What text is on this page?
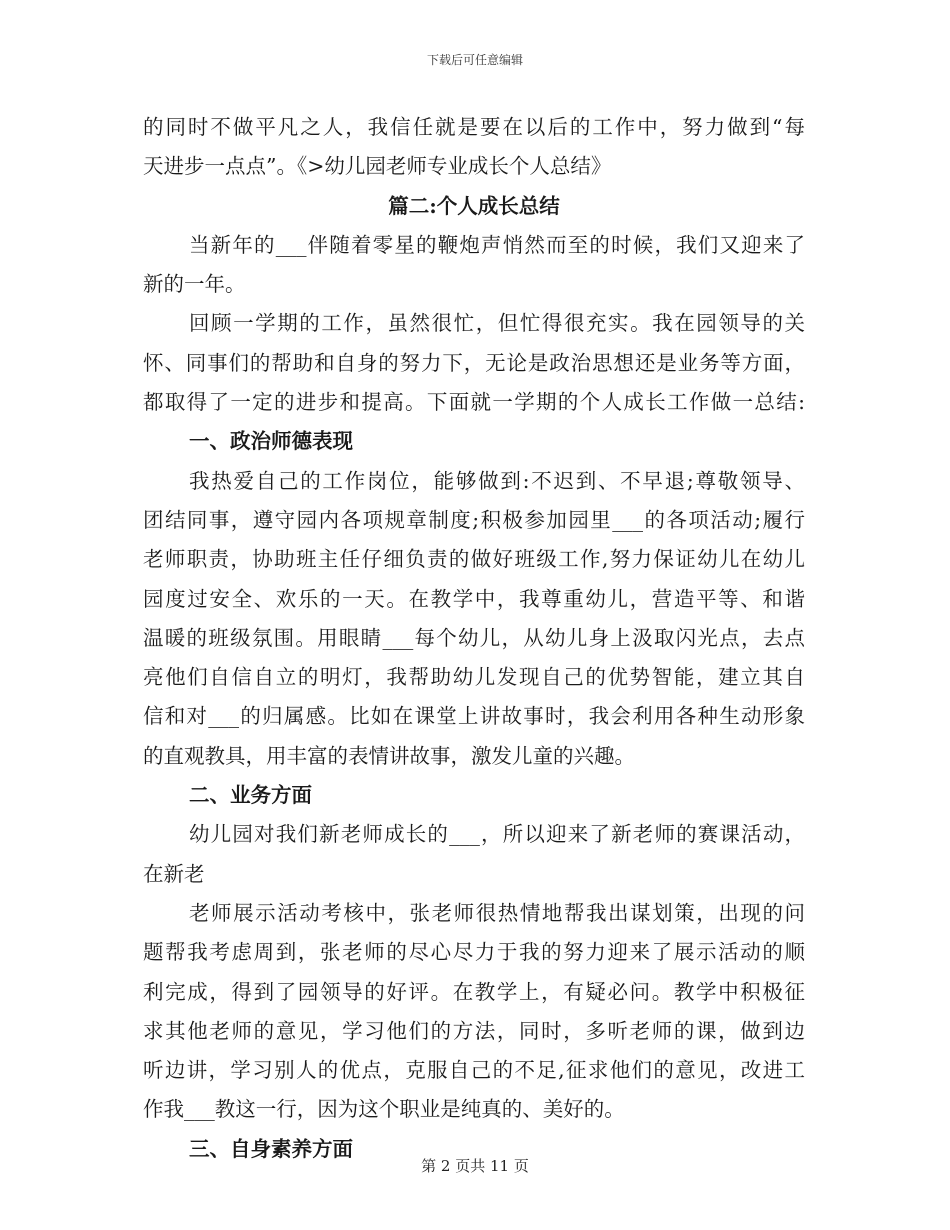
下载后可任意编辑
的同时不做平凡之人，我信任就是要在以后的工作中，努力做到“每
天进步一点点”。《>幼儿园老师专业成长个人总结》
篇二:个人成长总结
当新年的___伴随着零星的鞭炮声悄然而至的时候，我们又迎来了
新的一年。
回顾一学期的工作，虽然很忙，但忙得很充实。我在园领导的关
怀、同事们的帮助和自身的努力下，无论是政治思想还是业务等方面，
都取得了一定的进步和提高。下面就一学期的个人成长工作做一总结:
一、政治师德表现
我热爱自己的工作岗位，能够做到:不迟到、不早退;尊敬领导、
团结同事，遵守园内各项规章制度;积极参加园里___的各项活动;履行
老师职责，协助班主任仔细负责的做好班级工作,努力保证幼儿在幼儿
园度过安全、欢乐的一天。在教学中，我尊重幼儿，营造平等、和谐
温暖的班级氛围。用眼睛___每个幼儿，从幼儿身上汲取闪光点，去点
亮他们自信自立的明灯，我帮助幼儿发现自己的优势智能，建立其自
信和对___的归属感。比如在课堂上讲故事时，我会利用各种生动形象
的直观教具，用丰富的表情讲故事，激发儿童的兴趣。
二、业务方面
幼儿园对我们新老师成长的___，所以迎来了新老师的赛课活动，
在新老
老师展示活动考核中，张老师很热情地帮我出谋划策，出现的问
题帮我考虑周到，张老师的尽心尽力于我的努力迎来了展示活动的顺
利完成，得到了园领导的好评。在教学上，有疑必问。教学中积极征
求其他老师的意见，学习他们的方法，同时，多听老师的课，做到边
听边讲，学习别人的优点，克服自己的不足,征求他们的意见，改进工
作我___教这一行，因为这个职业是纯真的、美好的。
三、自身素养方面
第 2 页共 11 页
